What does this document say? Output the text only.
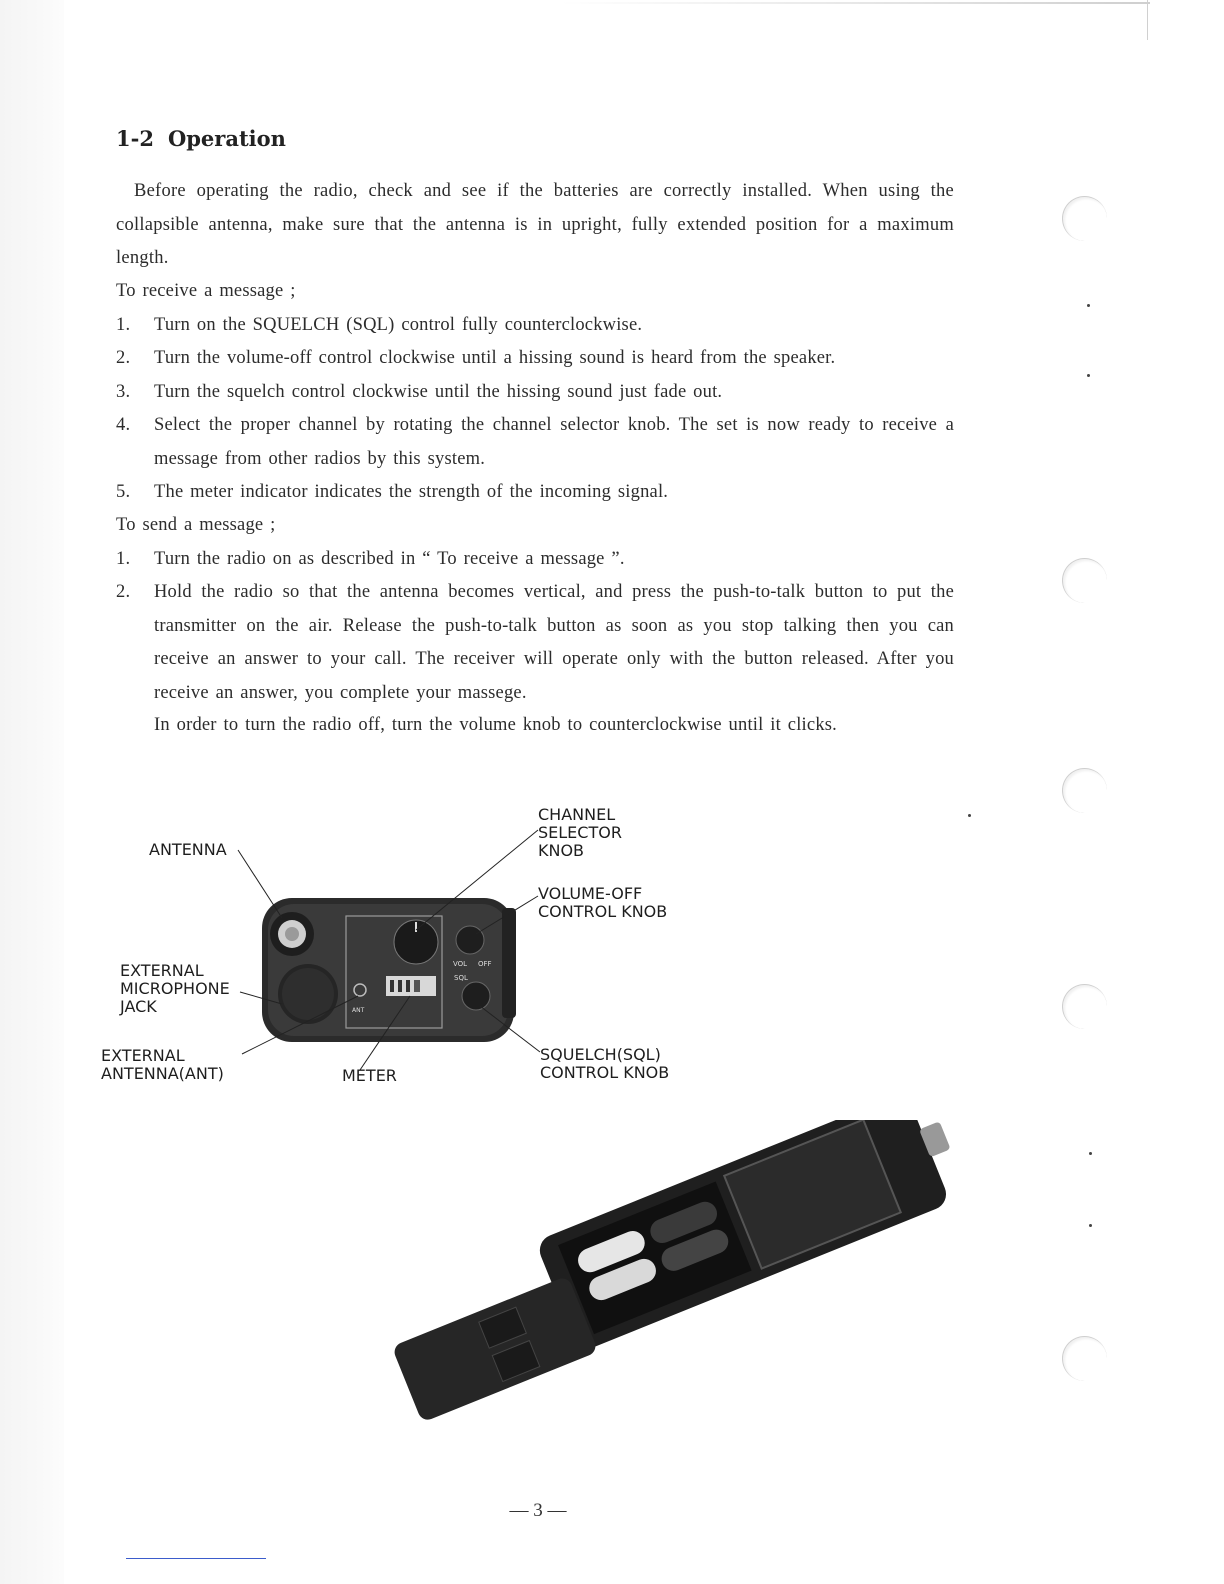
1-2 Operation
Before operating the radio, check and see if the batteries are correctly installed. When using the collapsible antenna, make sure that the antenna is in upright, fully extended position for a maximum length.
To receive a message ;
1. Turn on the SQUELCH (SQL) control fully counterclockwise.
2. Turn the volume-off control clockwise until a hissing sound is heard from the speaker.
3. Turn the squelch control clockwise until the hissing sound just fade out.
4. Select the proper channel by rotating the channel selector knob. The set is now ready to receive a message from other radios by this system.
5. The meter indicator indicates the strength of the incoming signal.
To send a message ;
1. Turn the radio on as described in “ To receive a message ”.
2. Hold the radio so that the antenna becomes vertical, and press the push-to-talk button to put the transmitter on the air. Release the push-to-talk button as soon as you stop talking then you can receive an answer to your call. The receiver will operate only with the button released. After you receive an answer, you complete your massege.
In order to turn the radio off, turn the volume knob to counterclockwise until it clicks.
ANT
VOL OFF
SQL
ANTENNA
CHANNEL
SELECTOR
KNOB
VOLUME-OFF
CONTROL KNOB
EXTERNAL
MICROPHONE
JACK
EXTERNAL
ANTENNA(ANT)	METER
SQUELCH(SQL)
CONTROL KNOB
— 3 —
